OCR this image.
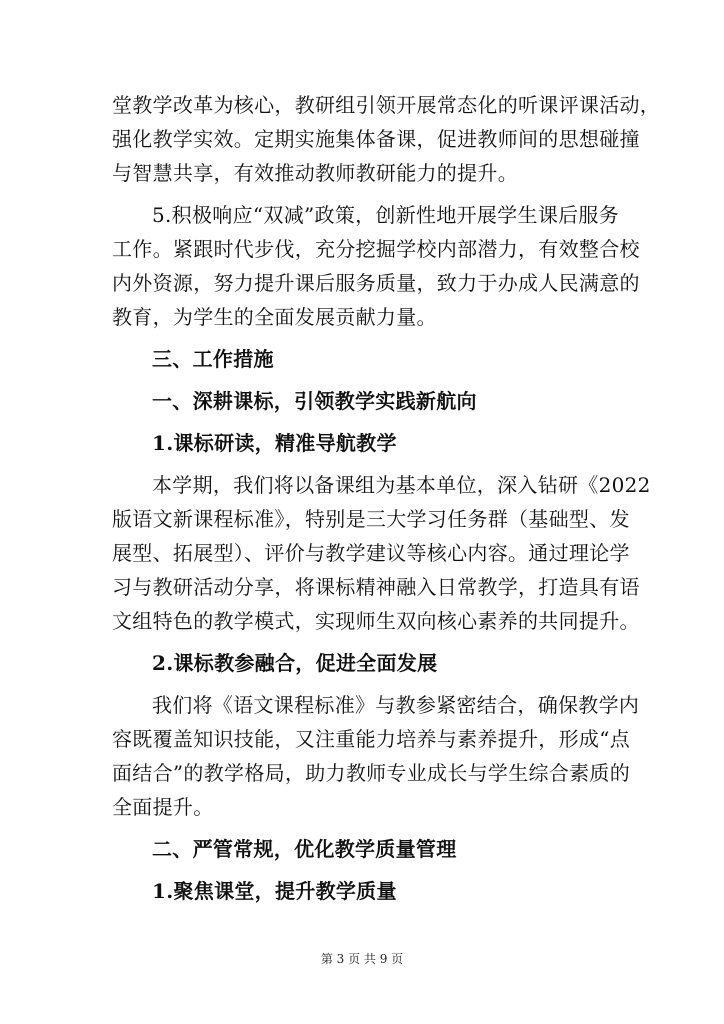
堂教学改革为核心，教研组引领开展常态化的听课评课活动，
强化教学实效。定期实施集体备课，促进教师间的思想碰撞
与智慧共享，有效推动教师教研能力的提升。
5.积极响应“双减”政策，创新性地开展学生课后服务
工作。紧跟时代步伐，充分挖掘学校内部潜力，有效整合校
内外资源，努力提升课后服务质量，致力于办成人民满意的
教育，为学生的全面发展贡献力量。
三、工作措施
一、深耕课标，引领教学实践新航向
1.课标研读，精准导航教学
本学期，我们将以备课组为基本单位，深入钻研《2022
版语文新课程标准》，特别是三大学习任务群（基础型、发
展型、拓展型）、评价与教学建议等核心内容。通过理论学
习与教研活动分享，将课标精神融入日常教学，打造具有语
文组特色的教学模式，实现师生双向核心素养的共同提升。
2.课标教参融合，促进全面发展
我们将《语文课程标准》与教参紧密结合，确保教学内
容既覆盖知识技能，又注重能力培养与素养提升，形成“点
面结合”的教学格局，助力教师专业成长与学生综合素质的
全面提升。
二、严管常规，优化教学质量管理
1.聚焦课堂，提升教学质量
第 3 页 共 9 页
